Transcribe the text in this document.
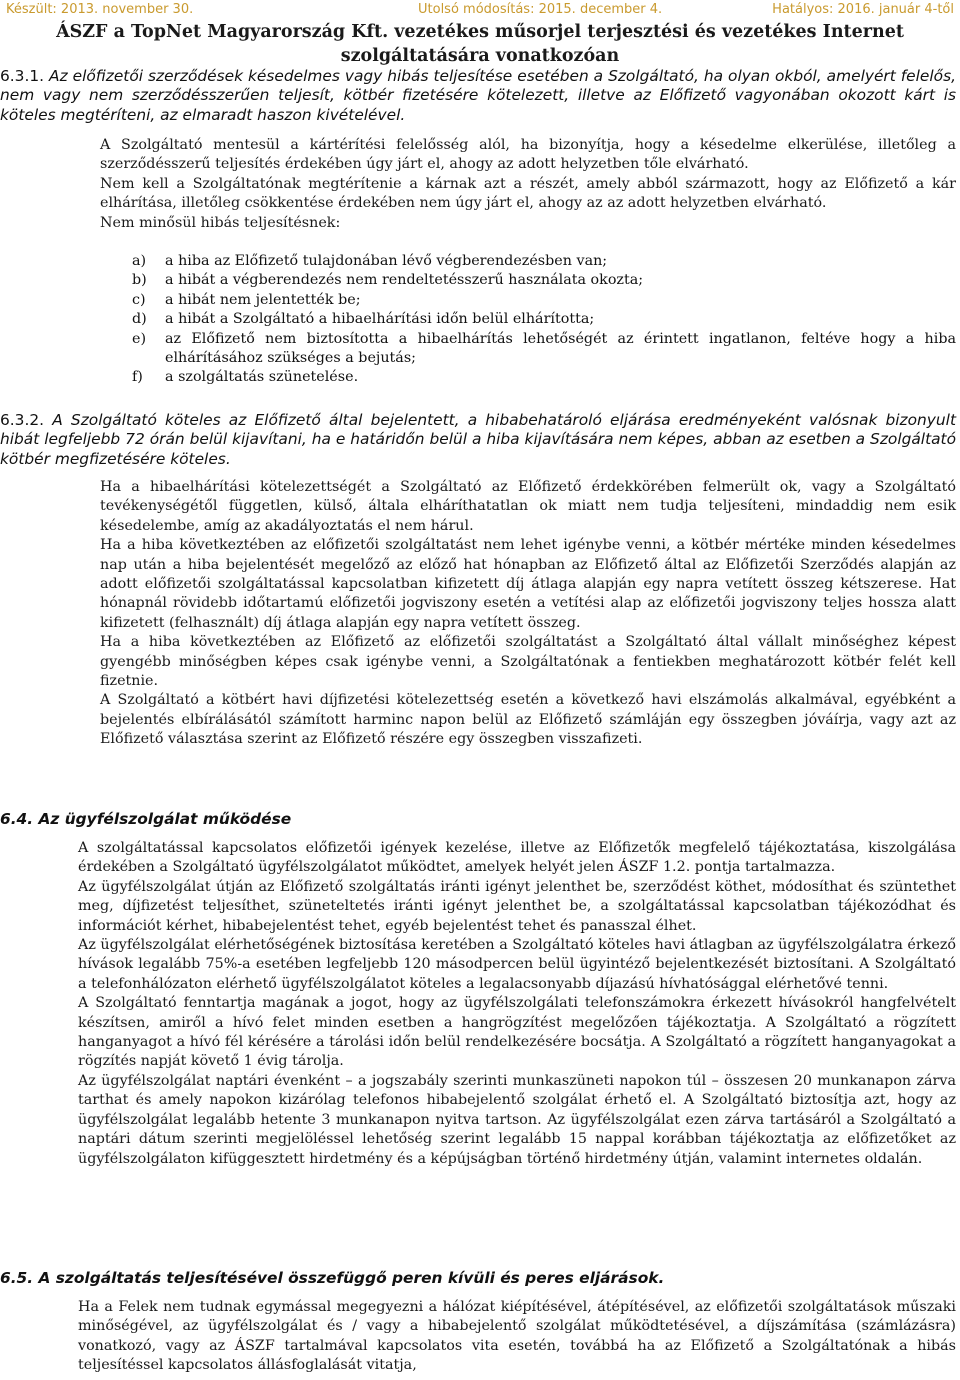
Készült: 2013. november 30.	Utolsó módosítás: 2015. december 4.	Hatályos: 2016. január 4-től
ÁSZF a TopNet Magyarország Kft. vezetékes műsorjel terjesztési és vezetékes Internet
szolgáltatására vonatkozóan
6.3.1. Az előfizetői szerződések késedelmes vagy hibás teljesítése esetében a Szolgáltató, ha olyan okból, amelyért felelős, nem vagy nem szerződésszerűen teljesít, kötbér fizetésére kötelezett, illetve az Előfizető vagyonában okozott kárt is köteles megtéríteni, az elmaradt haszon kivételével.

A Szolgáltató mentesül a kártérítési felelősség alól, ha bizonyítja, hogy a késedelme elkerülése, illetőleg a szerződésszerű teljesítés érdekében úgy járt el, ahogy az adott helyzetben tőle elvárható.

Nem kell a Szolgáltatónak megtérítenie a kárnak azt a részét, amely abból származott, hogy az Előfizető a kár elhárítása, illetőleg csökkentése érdekében nem úgy járt el, ahogy az az adott helyzetben elvárható.

Nem minősül hibás teljesítésnek:

a) a hiba az Előfizető tulajdonában lévő végberendezésben van;
b) a hibát a végberendezés nem rendeltetésszerű használata okozta;
c) a hibát nem jelentették be;
d) a hibát a Szolgáltató a hibaelhárítási időn belül elhárította;
e) az Előfizető nem biztosította a hibaelhárítás lehetőségét az érintett ingatlanon, feltéve hogy a hiba elhárításához szükséges a bejutás;
f) a szolgáltatás szünetelése.
6.3.2. A Szolgáltató köteles az Előfizető által bejelentett, a hibabehatároló eljárása eredményeként valósnak bizonyult hibát legfeljebb 72 órán belül kijavítani, ha e határidőn belül a hiba kijavítására nem képes, abban az esetben a Szolgáltató kötbér megfizetésére köteles.

Ha a hibaelhárítási kötelezettségét a Szolgáltató az Előfizető érdekkörében felmerült ok, vagy a Szolgáltató tevékenységétől független, külső, általa elháríthatatlan ok miatt nem tudja teljesíteni, mindaddig nem esik késedelembe, amíg az akadályoztatás el nem hárul.

Ha a hiba következtében az előfizetői szolgáltatást nem lehet igénybe venni, a kötbér mértéke minden késedelmes nap után a hiba bejelentését megelőző az előző hat hónapban az Előfizető által az Előfizetői Szerződés alapján az adott előfizetői szolgáltatással kapcsolatban kifizetett díj átlaga alapján egy napra vetített összeg kétszerese. Hat hónapnál rövidebb időtartamú előfizetői jogviszony esetén a vetítési alap az előfizetői jogviszony teljes hossza alatt kifizetett (felhasznált) díj átlaga alapján egy napra vetített összeg.

Ha a hiba következtében az Előfizető az előfizetői szolgáltatást a Szolgáltató által vállalt minőséghez képest gyengébb minőségben képes csak igénybe venni, a Szolgáltatónak a fentiekben meghatározott kötbér felét kell fizetnie.

A Szolgáltató a kötbért havi díjfizetési kötelezettség esetén a következő havi elszámolás alkalmával, egyébként a bejelentés elbírálásától számított harminc napon belül az Előfizető számláján egy összegben jóváírja, vagy azt az Előfizető választása szerint az Előfizető részére egy összegben visszafizeti.

6.4. Az ügyfélszolgálat működése

A szolgáltatással kapcsolatos előfizetői igények kezelése, illetve az Előfizetők megfelelő tájékoztatása, kiszolgálása érdekében a Szolgáltató ügyfélszolgálatot működtet, amelyek helyét jelen ÁSZF 1.2. pontja tartalmazza.

Az ügyfélszolgálat útján az Előfizető szolgáltatás iránti igényt jelenthet be, szerződést köthet, módosíthat és szüntethet meg, díjfizetést teljesíthet, szüneteltetés iránti igényt jelenthet be, a szolgáltatással kapcsolatban tájékozódhat és információt kérhet, hibabejelentést tehet, egyéb bejelentést tehet és panasszal élhet.

Az ügyfélszolgálat elérhetőségének biztosítása keretében a Szolgáltató köteles havi átlagban az ügyfélszolgálatra érkező hívások legalább 75%-a esetében legfeljebb 120 másodpercen belül ügyintéző bejelentkezését biztosítani. A Szolgáltató a telefonhálózaton elérhető ügyfélszolgálatot köteles a legalacsonyabb díjazású hívhatósággal elérhetővé tenni.

A Szolgáltató fenntartja magának a jogot, hogy az ügyfélszolgálati telefonszámokra érkezett hívásokról hangfelvételt készítsen, amiről a hívó felet minden esetben a hangrögzítést megelőzően tájékoztatja. A Szolgáltató a rögzített hanganyagot a hívó fél kérésére a tárolási időn belül rendelkezésére bocsátja. A Szolgáltató a rögzített hanganyagokat a rögzítés napját követő 1 évig tárolja.

Az ügyfélszolgálat naptári évenként – a jogszabály szerinti munkaszüneti napokon túl – összesen 20 munkanapon zárva tarthat és amely napokon kizárólag telefonos hibabejelentő szolgálat érhető el. A Szolgáltató biztosítja azt, hogy az ügyfélszolgálat legalább hetente 3 munkanapon nyitva tartson. Az ügyfélszolgálat ezen zárva tartásáról a Szolgáltató a naptári dátum szerinti megjelöléssel lehetőség szerint legalább 15 nappal korábban tájékoztatja az előfizetőket az ügyfélszolgálaton kifüggesztett hirdetmény és a képújságban történő hirdetmény útján, valamint internetes oldalán.

6.5. A szolgáltatás teljesítésével összefüggő peren kívüli és peres eljárások.

Ha a Felek nem tudnak egymással megegyezni a hálózat kiépítésével, átépítésével, az előfizetői szolgáltatások műszaki minőségével, az ügyfélszolgálat és / vagy a hibabejelentő szolgálat működtetésével, a díjszámítása (számlázásra) vonatkozó, vagy az ÁSZF tartalmával kapcsolatos vita esetén, továbbá ha az Előfizető a Szolgáltatónak a hibás teljesítéssel kapcsolatos állásfoglalását vitatja,
